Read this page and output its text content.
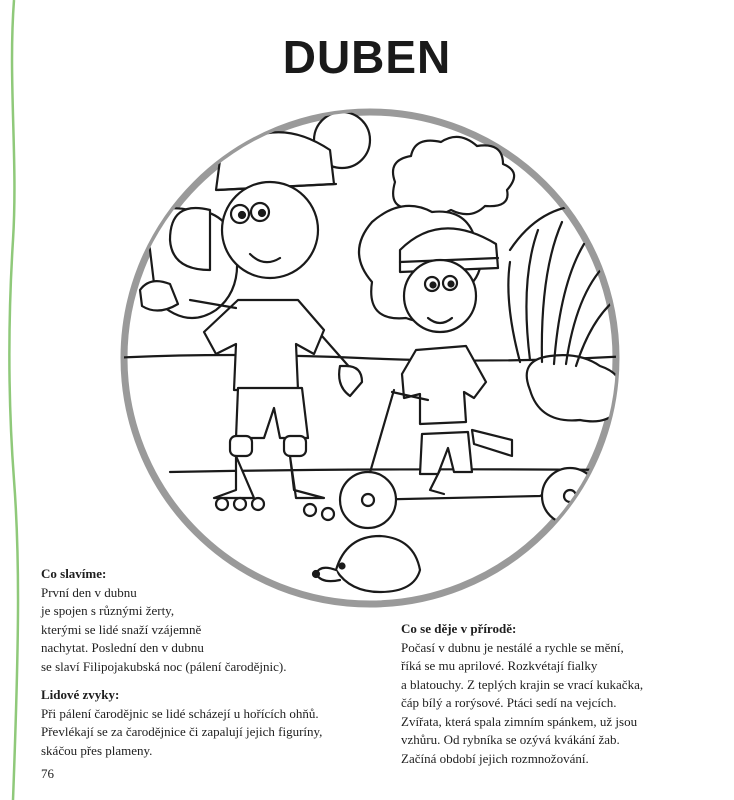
DUBEN
Co slavíme:
První den v dubnu
je spojen s různými žerty,
kterými se lidé snaží vzájemně
nachytat. Poslední den v dubnu
se slaví Filipojakubská noc (pálení čarodějnic).
Lidové zvyky:
Při pálení čarodějnic se lidé scházejí u hořících ohňů.
Převlékají se za čarodějnice či zapalují jejich figuríny,
skáčou přes plameny.
Co se děje v přírodě:
Počasí v dubnu je nestálé a rychle se mění,
říká se mu aprilové. Rozkvétají fialky
a blatouchy. Z teplých krajin se vrací kukačka,
čáp bílý a rorýsové. Ptáci sedí na vejcích.
Zvířata, která spala zimním spánkem, už jsou
vzhůru. Od rybníka se ozývá kvákání žab.
Začíná období jejich rozmnožování.
76
